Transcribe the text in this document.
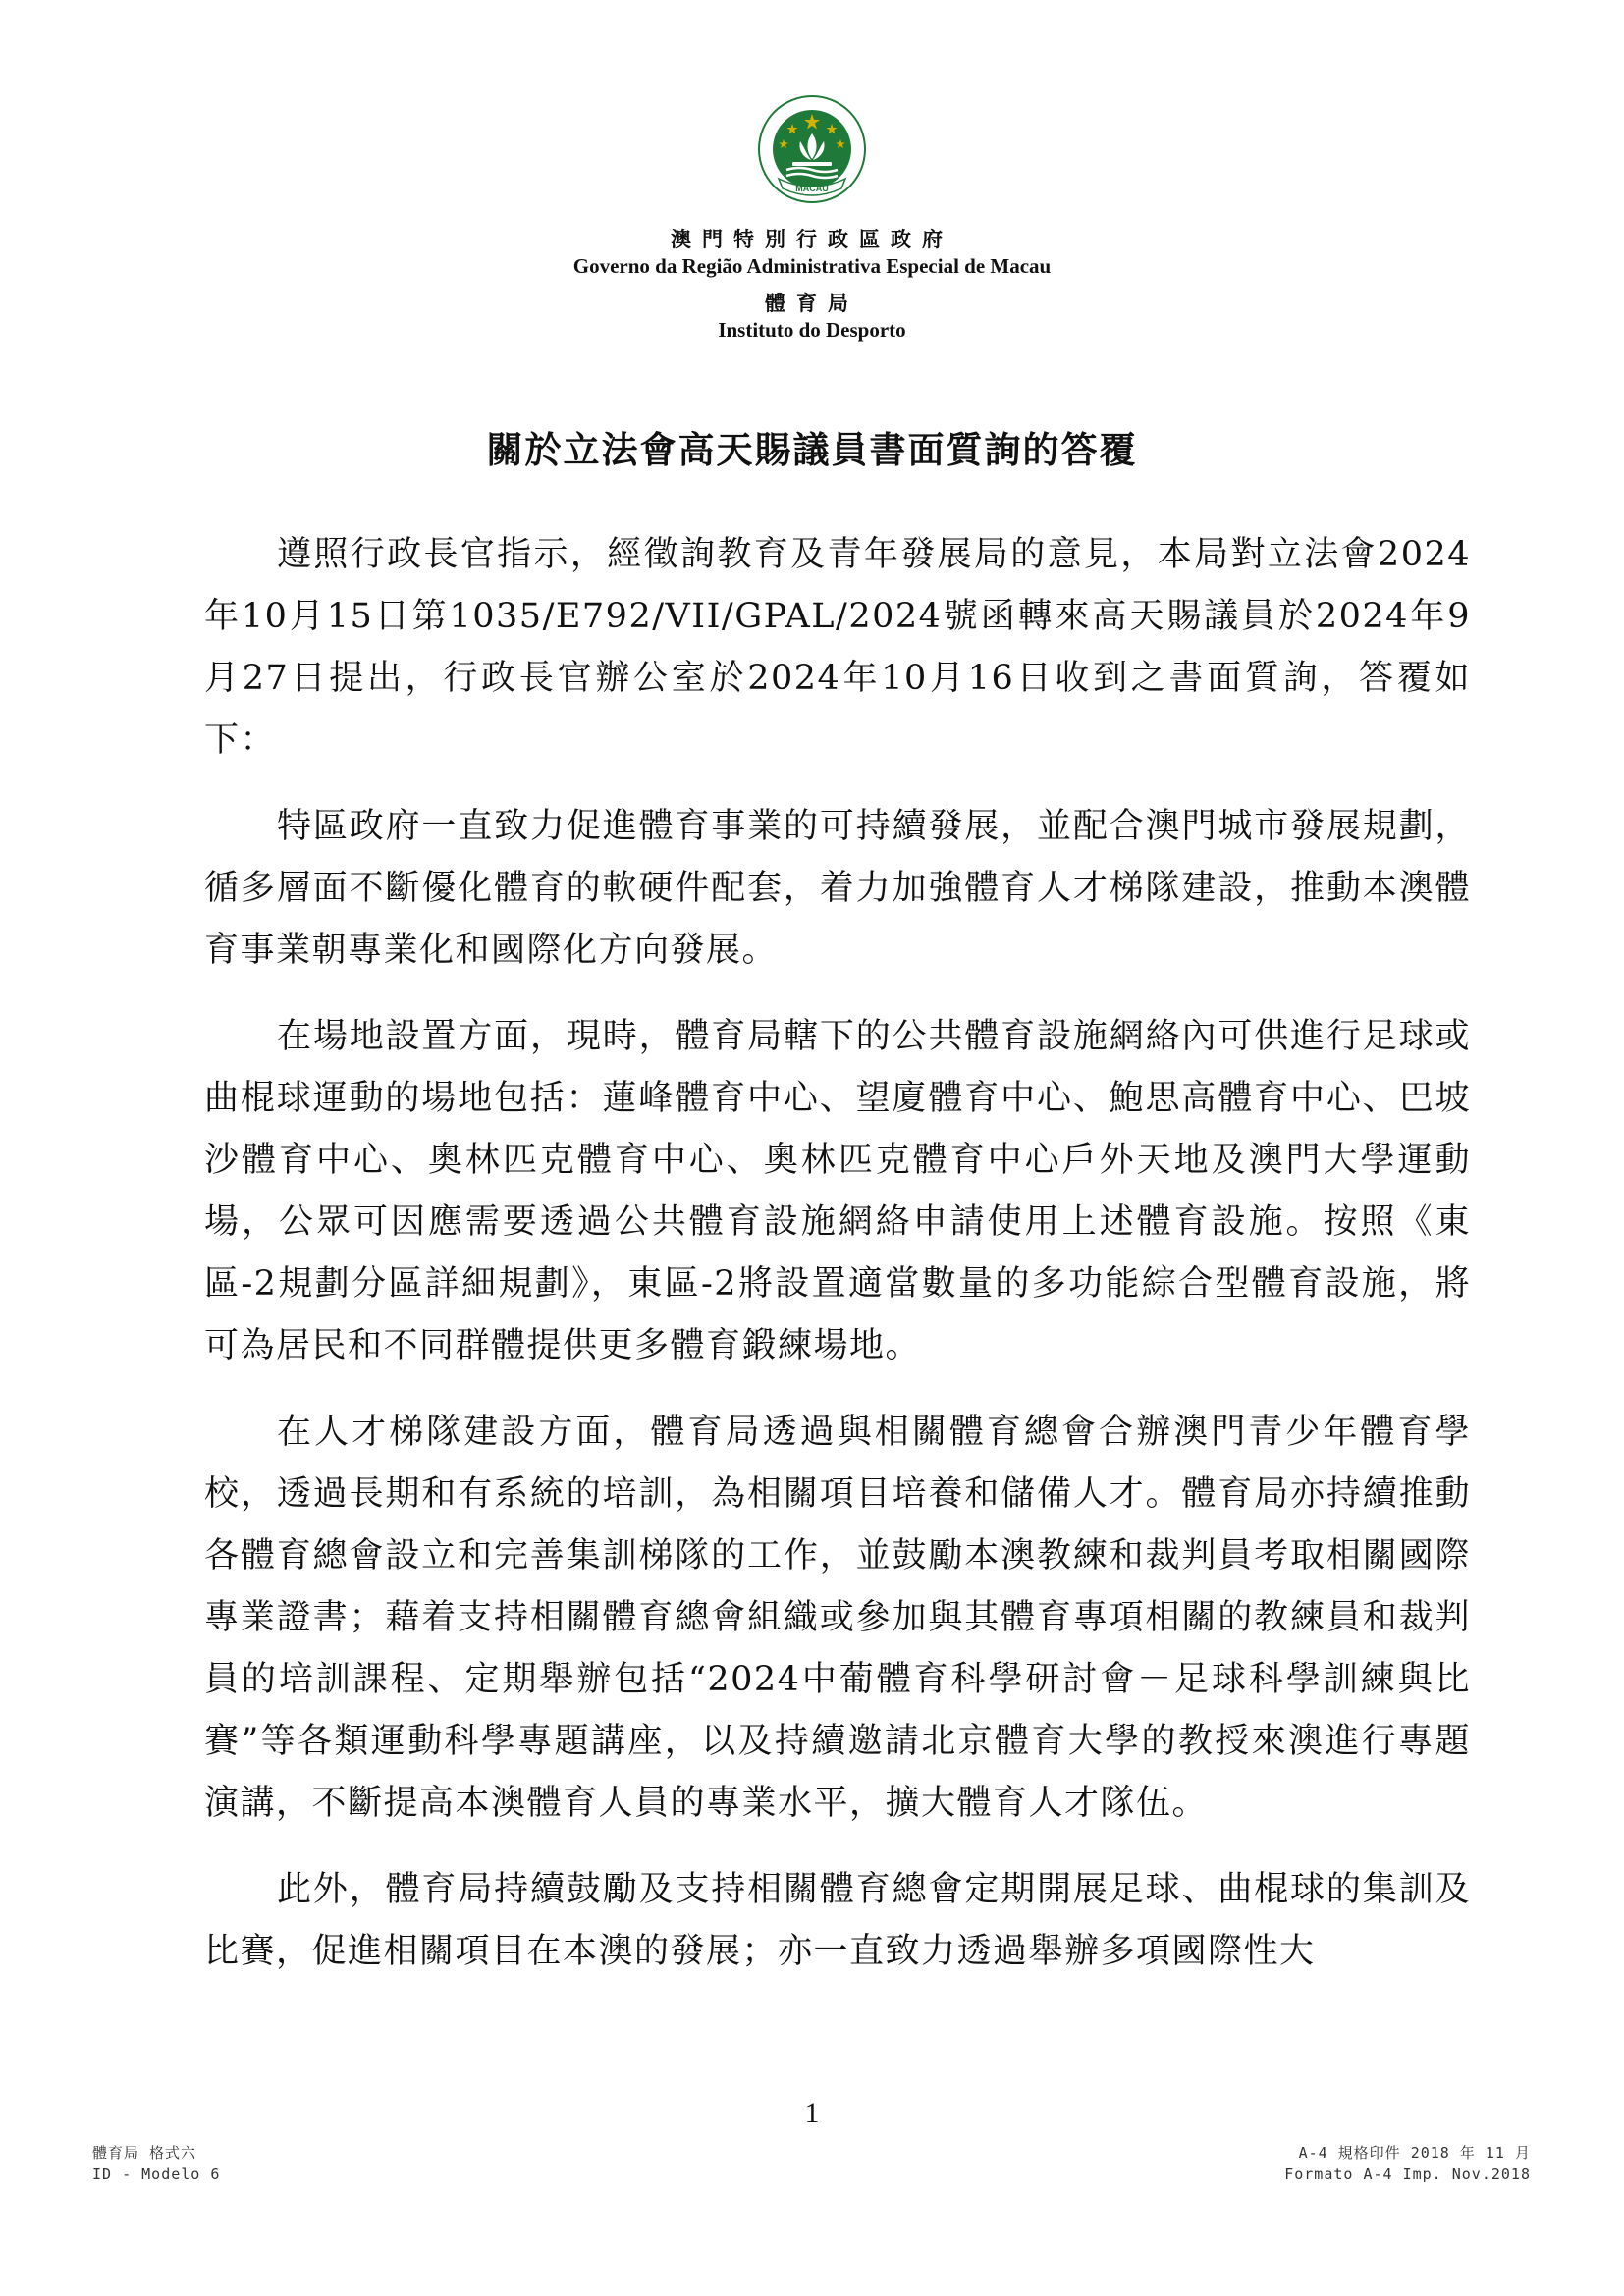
MACAU
澳門特別行政區政府
Governo da Região Administrativa Especial de Macau
體育局
Instituto do Desporto
關於立法會高天賜議員書面質詢的答覆

遵照行政長官指示，經徵詢教育及青年發展局的意見，本局對立法會2024年10月15日第1035/E792/VII/GPAL/2024號函轉來高天賜議員於2024年9月27日提出，行政長官辦公室於2024年10月16日收到之書面質詢，答覆如下：

特區政府一直致力促進體育事業的可持續發展，並配合澳門城市發展規劃，循多層面不斷優化體育的軟硬件配套，着力加強體育人才梯隊建設，推動本澳體育事業朝專業化和國際化方向發展。

在場地設置方面，現時，體育局轄下的公共體育設施網絡內可供進行足球或曲棍球運動的場地包括：蓮峰體育中心、望廈體育中心、鮑思高體育中心、巴坡沙體育中心、奧林匹克體育中心、奧林匹克體育中心戶外天地及澳門大學運動場，公眾可因應需要透過公共體育設施網絡申請使用上述體育設施。按照《東區-2規劃分區詳細規劃》，東區-2將設置適當數量的多功能綜合型體育設施，將可為居民和不同群體提供更多體育鍛練場地。

在人才梯隊建設方面，體育局透過與相關體育總會合辦澳門青少年體育學校，透過長期和有系統的培訓，為相關項目培養和儲備人才。體育局亦持續推動各體育總會設立和完善集訓梯隊的工作，並鼓勵本澳教練和裁判員考取相關國際專業證書；藉着支持相關體育總會組織或參加與其體育專項相關的教練員和裁判員的培訓課程、定期舉辦包括“2024中葡體育科學研討會－足球科學訓練與比賽”等各類運動科學專題講座，以及持續邀請北京體育大學的教授來澳進行專題演講，不斷提高本澳體育人員的專業水平，擴大體育人才隊伍。

此外，體育局持續鼓勵及支持相關體育總會定期開展足球、曲棍球的集訓及比賽，促進相關項目在本澳的發展；亦一直致力透過舉辦多項國際性大

1
體育局 格式六
ID - Modelo 6
A-4 規格印件 2018 年 11 月
Formato A-4 Imp. Nov.2018
